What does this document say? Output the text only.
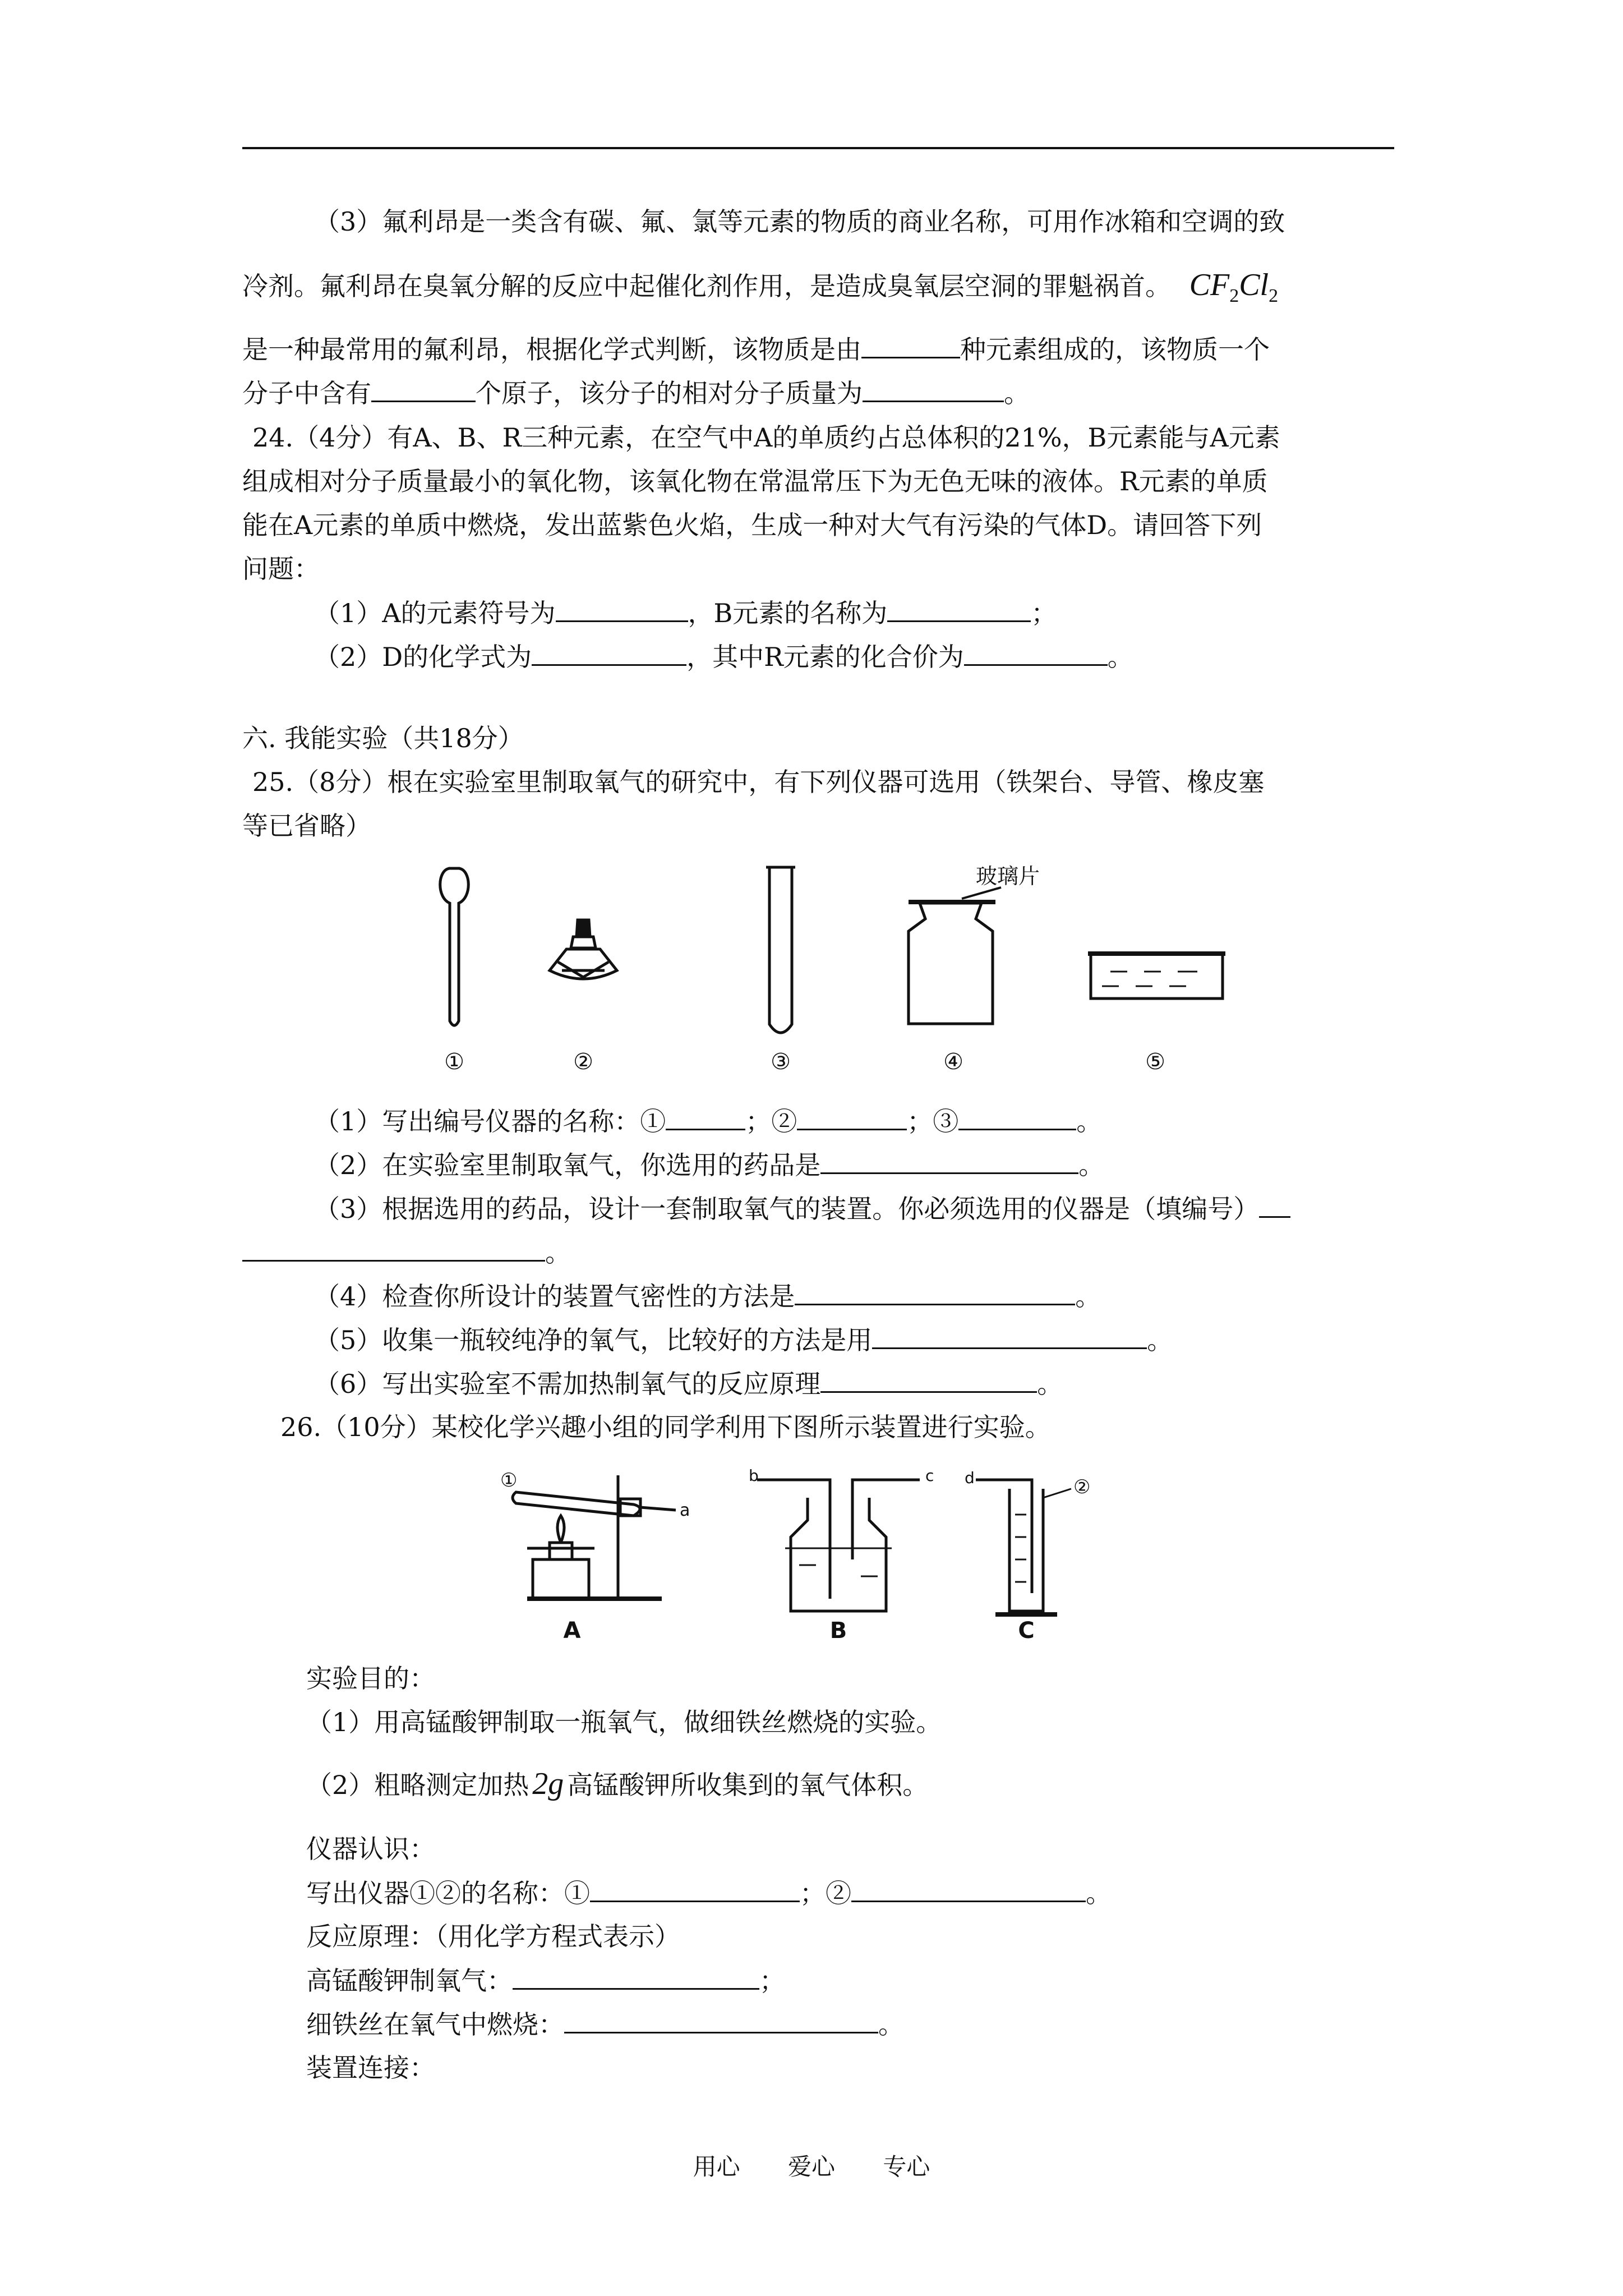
（3）氟利昂是一类含有碳、氟、氯等元素的物质的商业名称，可用作冰箱和空调的致
冷剂。氟利昂在臭氧分解的反应中起催化剂作用，是造成臭氧层空洞的罪魁祸首。 $CF_2Cl_2$
是一种最常用的氟利昂，根据化学式判断，该物质是由	种元素组成的，该物质一个
分子中含有	个原子，该分子的相对分子质量为	。
24.（4分）有A、B、R三种元素，在空气中A的单质约占总体积的21%，B元素能与A元素
组成相对分子质量最小的氧化物，该氧化物在常温常压下为无色无味的液体。R元素的单质
能在A元素的单质中燃烧，发出蓝紫色火焰，生成一种对大气有污染的气体D。请回答下列
问题：
（1）A的元素符号为	，B元素的名称为	；
（2）D的化学式为	，其中R元素的化合价为	。
六. 我能实验（共18分）
25.（8分）根在实验室里制取氧气的研究中，有下列仪器可选用（铁架台、导管、橡皮塞
等已省略）
玻璃片
①	②	③	④	⑤
（1）写出编号仪器的名称：①	；②	；③	。
（2）在实验室里制取氧气，你选用的药品是	。
（3）根据选用的药品，设计一套制取氧气的装置。你必须选用的仪器是（填编号）
。
（4）检查你所设计的装置气密性的方法是	。
（5）收集一瓶较纯净的氧气，比较好的方法是用	。
（6）写出实验室不需加热制氧气的反应原理	。
26.（10分）某校化学兴趣小组的同学利用下图所示装置进行实验。
①
a
A
b	c
B
d	②
C
实验目的：
（1）用高锰酸钾制取一瓶氧气，做细铁丝燃烧的实验。
（2）粗略测定加热 2g 高锰酸钾所收集到的氧气体积。
仪器认识：
写出仪器①②的名称：①	；②	。
反应原理：（用化学方程式表示）
高锰酸钾制氧气：	；
细铁丝在氧气中燃烧：	。
装置连接：
用心 爱心 专心
